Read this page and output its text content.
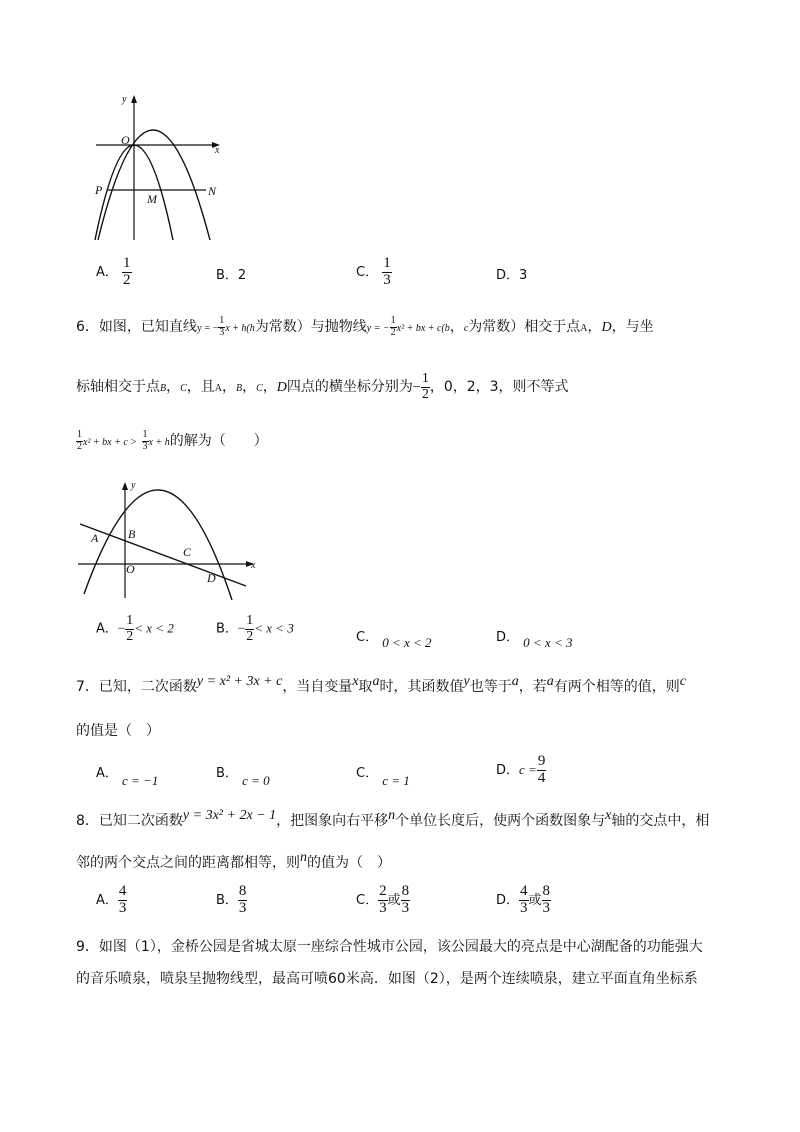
y
x
O
P
M
N
A． $\frac{1}{2}$	B．2	C． $\frac{1}{3}$	D．3
6．如图，已知直线y = − $\frac{1}{3}$ x + h(h为常数）与抛物线y = − $\frac{1}{2} x^2$ + bx + c(b，c为常数）相交于点A，D，与坐
标轴相交于点B，C，且A，B，C，D四点的横坐标分别为− $\frac{1}{2}$ ，0，2，3，则不等式
$\frac{1}{2} x^2$ + bx + $c > \frac{1}{3}$ x + h的解为（　　）
y
x
A B
C
D
O
A．− $\frac{1}{2} < x < 2$	B．− $\frac{1}{2} < x < 3$
C． 0 < x < 2	D． 0 < x < 3
7．已知，二次函数y = x² + 3x + c，当自变量x取a时，其函数值y也等于a，若a有两个相等的值，则c
的值是（　）
A． c = −1	B． c = 0	C． c = 1
D．$c = \frac{9}{4}$
8．已知二次函数y = 3x² + 2x − 1，把图象向右平移n个单位长度后，使两个函数图象与x轴的交点中，相
邻的两个交点之间的距离都相等，则n的值为（　）
A． $\frac{4}{3}$	B． $\frac{8}{3}$	C． $\frac{2}{3}$ 或 $\frac{8}{3}$	D． $\frac{4}{3}$ 或 $\frac{8}{3}$
9．如图（1），金桥公园是省城太原一座综合性城市公园，该公园最大的亮点是中心湖配备的功能强大
的音乐喷泉，喷泉呈抛物线型，最高可喷60米高．如图（2），是两个连续喷泉，建立平面直角坐标系
